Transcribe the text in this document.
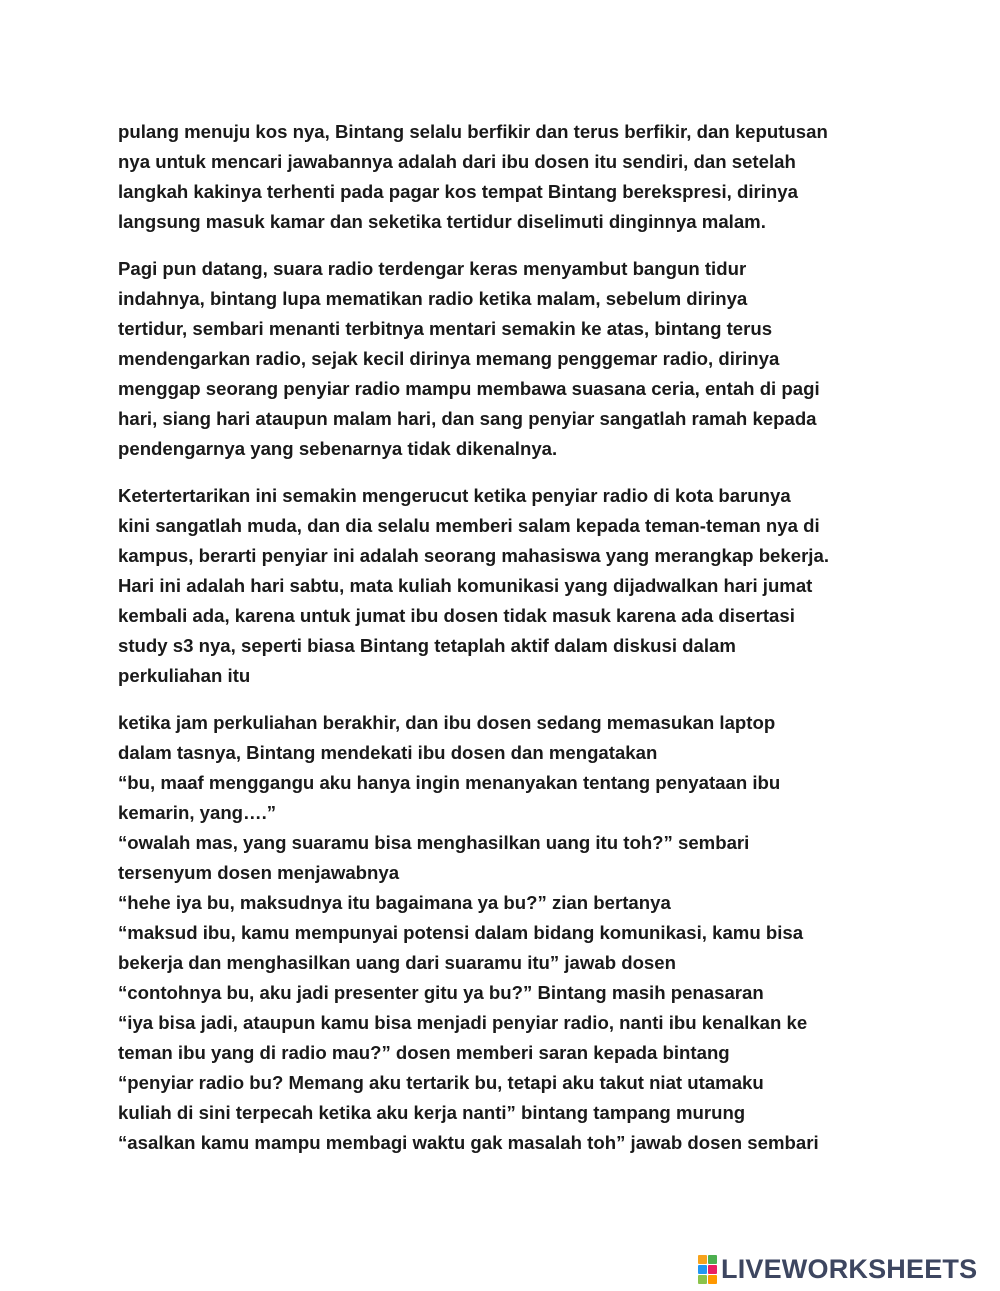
pulang menuju kos nya, Bintang selalu berfikir dan terus berfikir, dan keputusan
nya untuk mencari jawabannya adalah dari ibu dosen itu sendiri, dan setelah
langkah kakinya terhenti pada pagar kos tempat Bintang berekspresi, dirinya
langsung masuk kamar dan seketika tertidur diselimuti dinginnya malam.
Pagi pun datang, suara radio terdengar keras menyambut bangun tidur
indahnya, bintang lupa mematikan radio ketika malam, sebelum dirinya
tertidur, sembari menanti terbitnya mentari semakin ke atas, bintang terus
mendengarkan radio, sejak kecil dirinya memang penggemar radio, dirinya
menggap seorang penyiar radio mampu membawa suasana ceria, entah di pagi
hari, siang hari ataupun malam hari, dan sang penyiar sangatlah ramah kepada
pendengarnya yang sebenarnya tidak dikenalnya.
Ketertertarikan ini semakin mengerucut ketika penyiar radio di kota barunya
kini sangatlah muda, dan dia selalu memberi salam kepada teman-teman nya di
kampus, berarti penyiar ini adalah seorang mahasiswa yang merangkap bekerja.
Hari ini adalah hari sabtu, mata kuliah komunikasi yang dijadwalkan hari jumat
kembali ada, karena untuk jumat ibu dosen tidak masuk karena ada disertasi
study s3 nya, seperti biasa Bintang tetaplah aktif dalam diskusi dalam
perkuliahan itu
ketika jam perkuliahan berakhir, dan ibu dosen sedang memasukan laptop
dalam tasnya, Bintang mendekati ibu dosen dan mengatakan
“bu, maaf menggangu aku hanya ingin menanyakan tentang penyataan ibu
kemarin, yang….”
“owalah mas, yang suaramu bisa menghasilkan uang itu toh?” sembari
tersenyum dosen menjawabnya
“hehe iya bu, maksudnya itu bagaimana ya bu?” zian bertanya
“maksud ibu, kamu mempunyai potensi dalam bidang komunikasi, kamu bisa
bekerja dan menghasilkan uang dari suaramu itu” jawab dosen
“contohnya bu, aku jadi presenter gitu ya bu?” Bintang masih penasaran
“iya bisa jadi, ataupun kamu bisa menjadi penyiar radio, nanti ibu kenalkan ke
teman ibu yang di radio mau?” dosen memberi saran kepada bintang
“penyiar radio bu? Memang aku tertarik bu, tetapi aku takut niat utamaku
kuliah di sini terpecah ketika aku kerja nanti” bintang tampang murung
“asalkan kamu mampu membagi waktu gak masalah toh” jawab dosen sembari
LIVEWORKSHEETS
